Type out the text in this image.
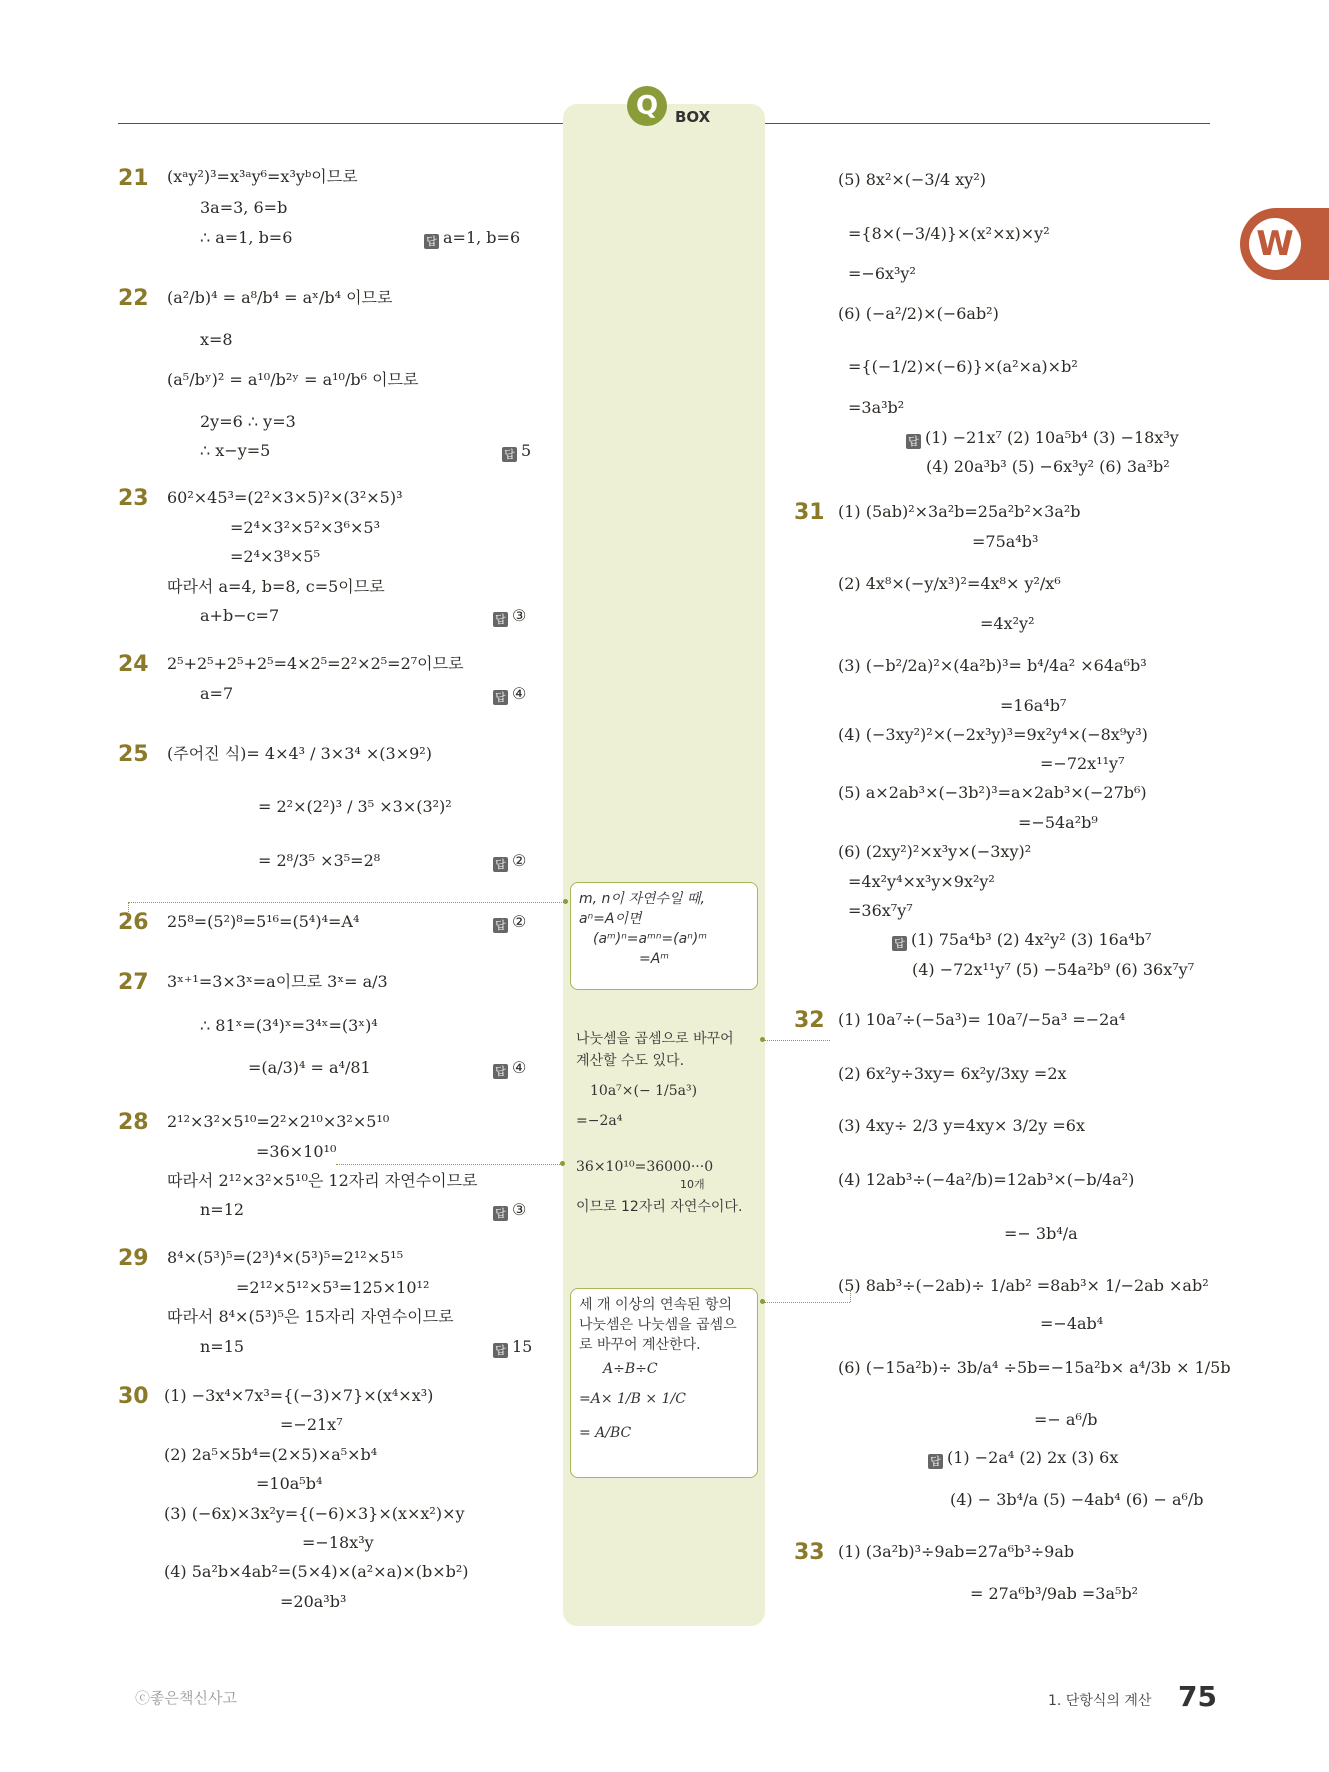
Q	BOX
W
21 (xᵃy²)³=x³ᵃy⁶=x³yᵇ이므로
3a=3, 6=b
∴ a=1, b=6	답 a=1, b=6
22 (a²/b)⁴ = a⁸/b⁴ = aˣ/b⁴ 이므로
x=8
(a⁵/bʸ)² = a¹⁰/b²ʸ = a¹⁰/b⁶ 이므로
2y=6 ∴ y=3
∴ x−y=5	답 5
23 60²×45³=(2²×3×5)²×(3²×5)³
=2⁴×3²×5²×3⁶×5³
=2⁴×3⁸×5⁵
따라서 a=4, b=8, c=5이므로
a+b−c=7	답 ③
24 2⁵+2⁵+2⁵+2⁵=4×2⁵=2²×2⁵=2⁷이므로
a=7	답 ④
25 (주어진 식)= 4×4³ / 3×3⁴ ×(3×9²)
= 2²×(2²)³ / 3⁵ ×3×(3²)²
= 2⁸/3⁵ ×3⁵=2⁸	답 ②
26 25⁸=(5²)⁸=5¹⁶=(5⁴)⁴=A⁴	답 ②
27 3ˣ⁺¹=3×3ˣ=a이므로 3ˣ= a/3
∴ 81ˣ=(3⁴)ˣ=3⁴ˣ=(3ˣ)⁴
=(a/3)⁴ = a⁴/81	답 ④
28 2¹²×3²×5¹⁰=2²×2¹⁰×3²×5¹⁰
=36×10¹⁰
따라서 2¹²×3²×5¹⁰은 12자리 자연수이므로
n=12	답 ③
29 8⁴×(5³)⁵=(2³)⁴×(5³)⁵=2¹²×5¹⁵
=2¹²×5¹²×5³=125×10¹²
따라서 8⁴×(5³)⁵은 15자리 자연수이므로
n=15	답 15
30 (1) −3x⁴×7x³={(−3)×7}×(x⁴×x³)
=−21x⁷
(2) 2a⁵×5b⁴=(2×5)×a⁵×b⁴
=10a⁵b⁴
(3) (−6x)×3x²y={(−6)×3}×(x×x²)×y
=−18x³y
(4) 5a²b×4ab²=(5×4)×(a²×a)×(b×b²)
=20a³b³
(5) 8x²×(−3/4 xy²)
={8×(−3/4)}×(x²×x)×y²
=−6x³y²
(6) (−a²/2)×(−6ab²)
={(−1/2)×(−6)}×(a²×a)×b²
=3a³b²
답 (1) −21x⁷ (2) 10a⁵b⁴ (3) −18x³y
(4) 20a³b³ (5) −6x³y² (6) 3a³b²
31 (1) (5ab)²×3a²b=25a²b²×3a²b
=75a⁴b³
(2) 4x⁸×(−y/x³)²=4x⁸× y²/x⁶
=4x²y²
(3) (−b²/2a)²×(4a²b)³= b⁴/4a² ×64a⁶b³
=16a⁴b⁷
(4) (−3xy²)²×(−2x³y)³=9x²y⁴×(−8x⁹y³)
=−72x¹¹y⁷
(5) a×2ab³×(−3b²)³=a×2ab³×(−27b⁶)
=−54a²b⁹
(6) (2xy²)²×x³y×(−3xy)²
=4x²y⁴×x³y×9x²y²
=36x⁷y⁷
답 (1) 75a⁴b³ (2) 4x²y² (3) 16a⁴b⁷
(4) −72x¹¹y⁷ (5) −54a²b⁹ (6) 36x⁷y⁷
32 (1) 10a⁷÷(−5a³)= 10a⁷/−5a³ =−2a⁴
(2) 6x²y÷3xy= 6x²y/3xy =2x
(3) 4xy÷ 2/3 y=4xy× 3/2y =6x
(4) 12ab³÷(−4a²/b)=12ab³×(−b/4a²)
=− 3b⁴/a
(5) 8ab³÷(−2ab)÷ 1/ab² =8ab³× 1/−2ab ×ab²
=−4ab⁴
(6) (−15a²b)÷ 3b/a⁴ ÷5b=−15a²b× a⁴/3b × 1/5b
=− a⁶/b
답 (1) −2a⁴ (2) 2x (3) 6x
(4) − 3b⁴/a (5) −4ab⁴ (6) − a⁶/b
33 (1) (3a²b)³÷9ab=27a⁶b³÷9ab
= 27a⁶b³/9ab =3a⁵b²
m, n이 자연수일 때,
aⁿ=A이면
(aᵐ)ⁿ=aᵐⁿ=(aⁿ)ᵐ
=Aᵐ
나눗셈을 곱셈으로 바꾸어
계산할 수도 있다.
10a⁷×(− 1/5a³)
=−2a⁴
36×10¹⁰=36000···0
10개
이므로 12자리 자연수이다.
세 개 이상의 연속된 항의
나눗셈은 나눗셈을 곱셈으
로 바꾸어 계산한다.
A÷B÷C
=A× 1/B × 1/C
= A/BC
ⓒ좋은책신사고	1. 단항식의 계산 75
